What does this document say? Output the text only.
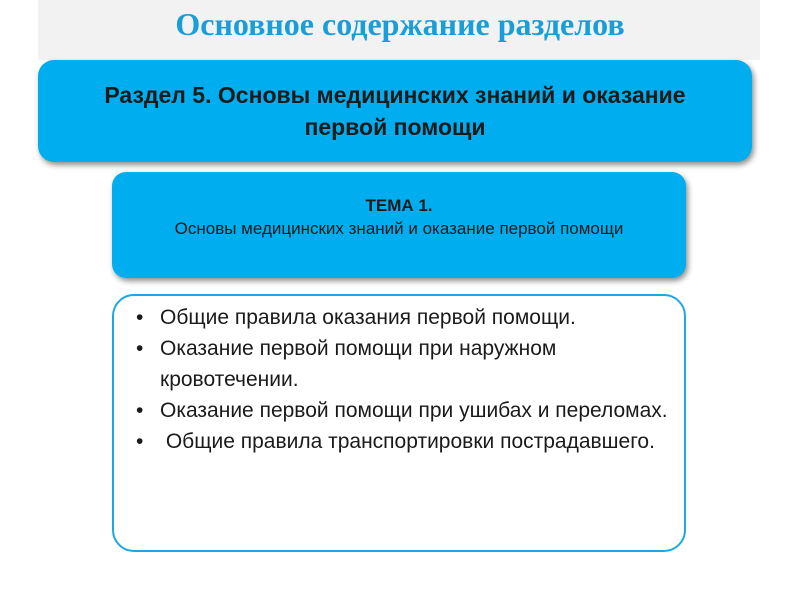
Основное содержание разделов
Раздел 5. Основы медицинских знаний и оказание первой помощи
ТЕМА 1.
Основы медицинских знаний и оказание первой помощи
• Общие правила оказания первой помощи.
• Оказание первой помощи при наружном кровотечении.
• Оказание первой помощи при ушибах и переломах.
• Общие правила транспортировки пострадавшего.
